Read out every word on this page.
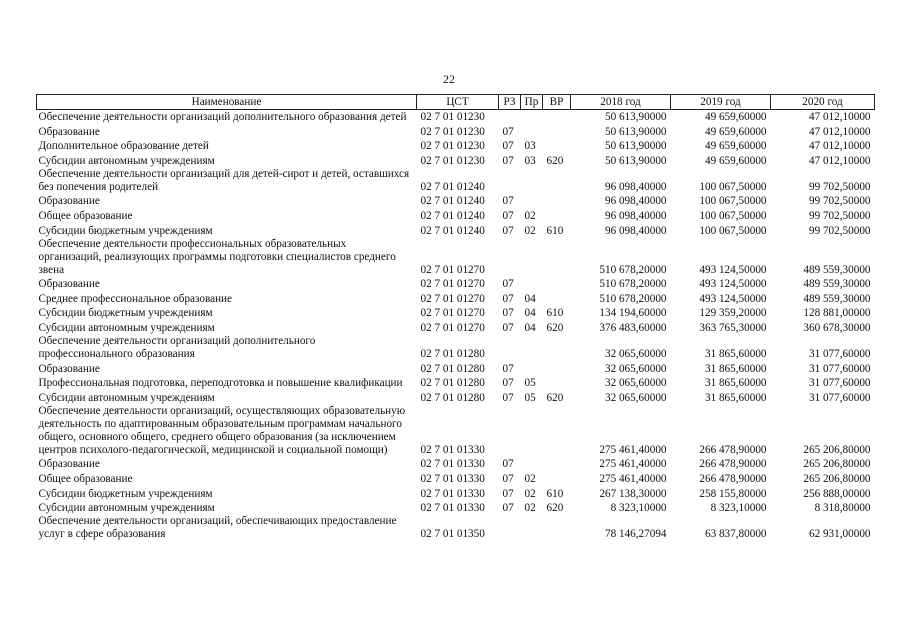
22
Наименование	ЦСТ	РЗ	Пр	ВР	2018 год	2019 год	2020 год
Обеспечение деятельности организаций дополнительного образования детей	02 7 01 01230				50 613,90000	49 659,60000	47 012,10000
Образование	02 7 01 01230	07			50 613,90000	49 659,60000	47 012,10000
Дополнительное образование детей	02 7 01 01230	07	03		50 613,90000	49 659,60000	47 012,10000
Субсидии автономным учреждениям	02 7 01 01230	07	03	620	50 613,90000	49 659,60000	47 012,10000
Обеспечение деятельности организаций для детей-сирот и детей, оставшихся без попечения родителей	02 7 01 01240				96 098,40000	100 067,50000	99 702,50000
Образование	02 7 01 01240	07			96 098,40000	100 067,50000	99 702,50000
Общее образование	02 7 01 01240	07	02		96 098,40000	100 067,50000	99 702,50000
Субсидии бюджетным учреждениям	02 7 01 01240	07	02	610	96 098,40000	100 067,50000	99 702,50000
Обеспечение деятельности профессиональных образовательных организаций, реализующих программы подготовки специалистов среднего звена	02 7 01 01270				510 678,20000	493 124,50000	489 559,30000
Образование	02 7 01 01270	07			510 678,20000	493 124,50000	489 559,30000
Среднее профессиональное образование	02 7 01 01270	07	04		510 678,20000	493 124,50000	489 559,30000
Субсидии бюджетным учреждениям	02 7 01 01270	07	04	610	134 194,60000	129 359,20000	128 881,00000
Субсидии автономным учреждениям	02 7 01 01270	07	04	620	376 483,60000	363 765,30000	360 678,30000
Обеспечение деятельности организаций дополнительного профессионального образования	02 7 01 01280				32 065,60000	31 865,60000	31 077,60000
Образование	02 7 01 01280	07			32 065,60000	31 865,60000	31 077,60000
Профессиональная подготовка, переподготовка и повышение квалификации	02 7 01 01280	07	05		32 065,60000	31 865,60000	31 077,60000
Субсидии автономным учреждениям	02 7 01 01280	07	05	620	32 065,60000	31 865,60000	31 077,60000
Обеспечение деятельности организаций, осуществляющих образовательную деятельность по адаптированным образовательным программам начального общего, основного общего, среднего общего образования (за исключением центров психолого-педагогической, медицинской и социальной помощи)	02 7 01 01330				275 461,40000	266 478,90000	265 206,80000
Образование	02 7 01 01330	07			275 461,40000	266 478,90000	265 206,80000
Общее образование	02 7 01 01330	07	02		275 461,40000	266 478,90000	265 206,80000
Субсидии бюджетным учреждениям	02 7 01 01330	07	02	610	267 138,30000	258 155,80000	256 888,00000
Субсидии автономным учреждениям	02 7 01 01330	07	02	620	8 323,10000	8 323,10000	8 318,80000
Обеспечение деятельности организаций, обеспечивающих предоставление услуг в сфере образования	02 7 01 01350				78 146,27094	63 837,80000	62 931,00000
